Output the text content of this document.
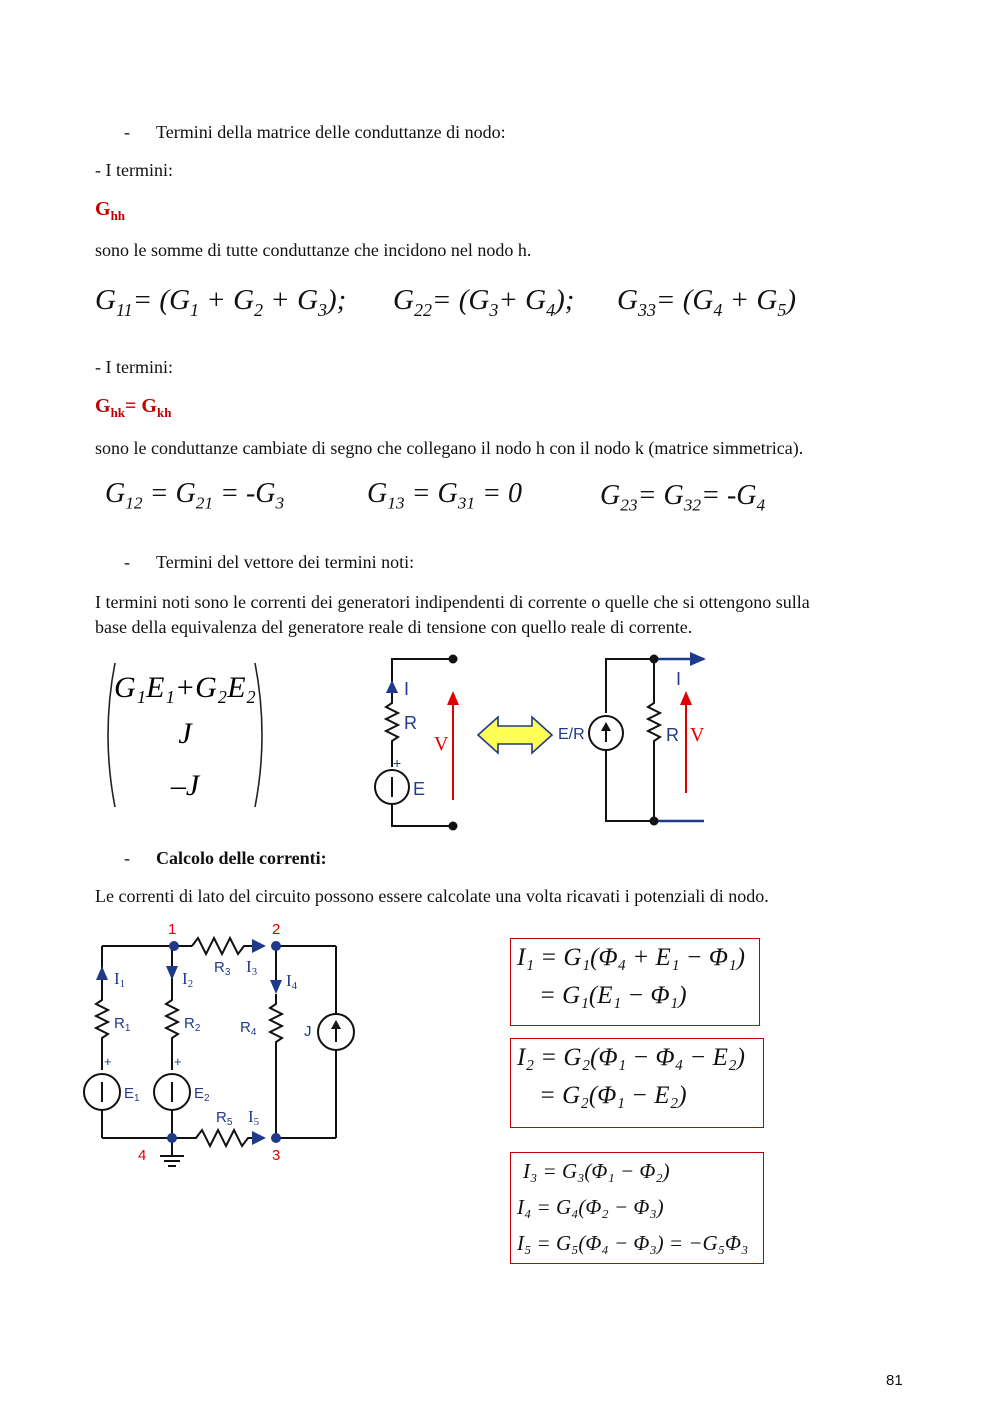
- Termini della matrice delle conduttanze di nodo:
- I termini:
$G_{hh}$
sono le somme di tutte conduttanze che incidono nel nodo h.
$G_{11}= (G_1 + G_2 + G_3)$; $G_{22}= (G_3+ G_4)$; $G_{33}= (G_4 + G_5)$
- I termini:
$G_{hk}= G_{kh}$
sono le conduttanze cambiate di segno che collegano il nodo h con il nodo k (matrice simmetrica).
$G_{12} = G_{21} = -G_3$	$G_{13} = G_{31} = 0$	$G_{23}= G_{32}= -G_4$
- Termini del vettore dei termini noti:
I termini noti sono le correnti dei generatori indipendenti di corrente o quelle che si ottengono sulla
base della equivalenza del generatore reale di tensione con quello reale di corrente.
G₁E₁+G₂E₂
J
–J
I
R
V
+
E
E/R
I
R V
- Calcolo delle correnti:
Le correnti di lato del circuito possono essere calcolate una volta ricavati i potenziali di nodo.
1	2
3
4
I1	I2
I3 I4
I5
$R_1$	$R_2$
$R_3$
$R_4$
$R_5$
$E_1$	$E_2$
J
+	+
I₁ = G₁(Φ₄ + E₁ − Φ₁)
= G₁(E₁ − Φ₁)
I₂ = G₂(Φ₁ − Φ₄ − E₂)
= G₂(Φ₁ − E₂)
I₃ = G₃(Φ₁ − Φ₂)
I₄ = G₄(Φ₂ − Φ₃)
I₅ = G₅(Φ₄ − Φ₃) = −G₅Φ₃
81
